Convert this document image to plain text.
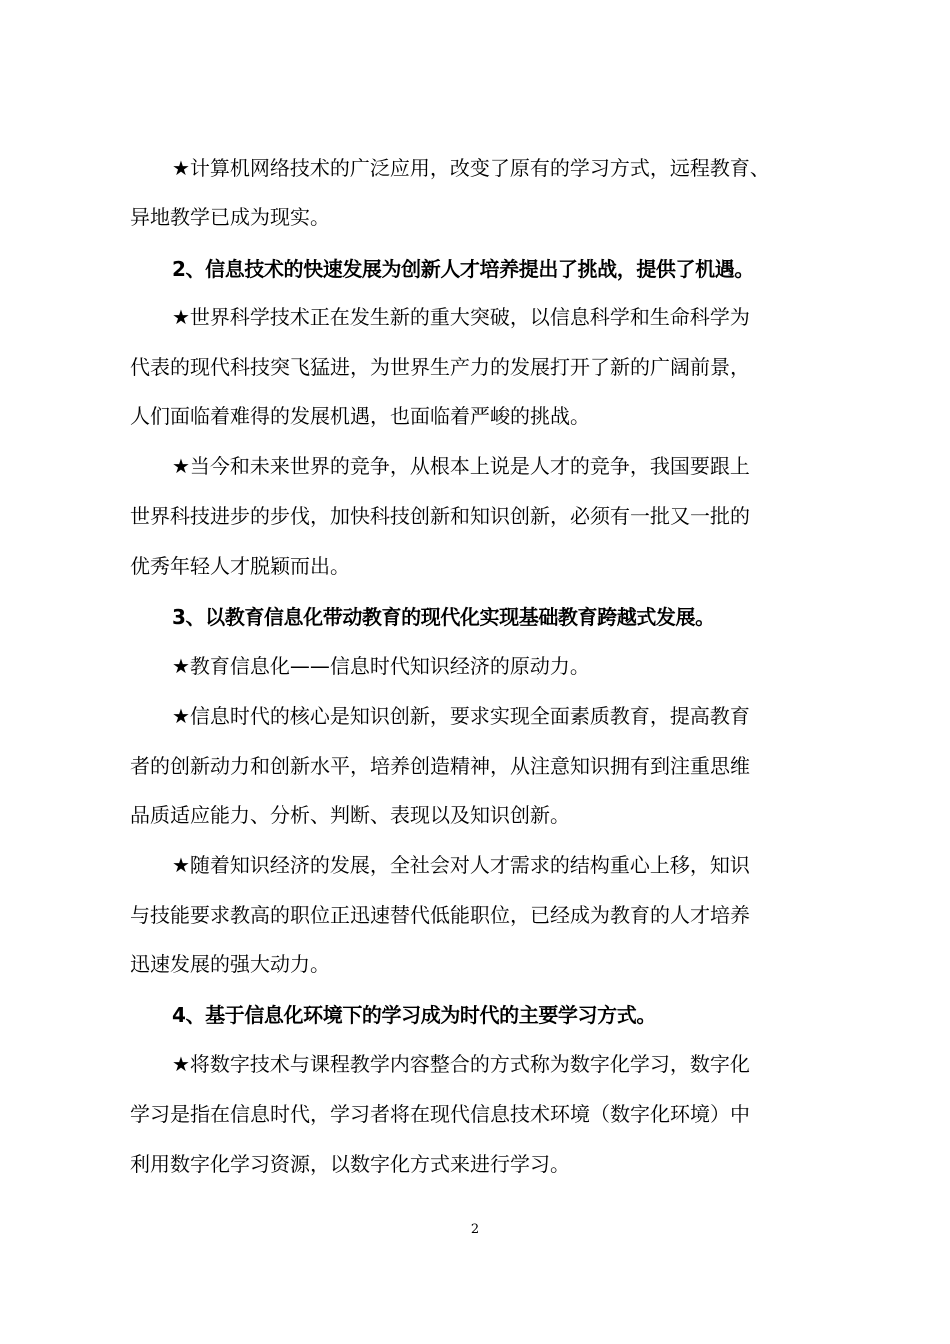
★计算机网络技术的广泛应用，改变了原有的学习方式，远程教育、

异地教学已成为现实。

2、信息技术的快速发展为创新人才培养提出了挑战，提供了机遇。

★世界科学技术正在发生新的重大突破，以信息科学和生命科学为

代表的现代科技突飞猛进，为世界生产力的发展打开了新的广阔前景，

人们面临着难得的发展机遇，也面临着严峻的挑战。

★当今和未来世界的竞争，从根本上说是人才的竞争，我国要跟上

世界科技进步的步伐，加快科技创新和知识创新，必须有一批又一批的

优秀年轻人才脱颖而出。

3、以教育信息化带动教育的现代化实现基础教育跨越式发展。

★教育信息化——信息时代知识经济的原动力。

★信息时代的核心是知识创新，要求实现全面素质教育，提高教育

者的创新动力和创新水平，培养创造精神，从注意知识拥有到注重思维

品质适应能力、分析、判断、表现以及知识创新。

★随着知识经济的发展，全社会对人才需求的结构重心上移，知识

与技能要求教高的职位正迅速替代低能职位，已经成为教育的人才培养

迅速发展的强大动力。

4、基于信息化环境下的学习成为时代的主要学习方式。

★将数字技术与课程教学内容整合的方式称为数字化学习，数字化

学习是指在信息时代，学习者将在现代信息技术环境（数字化环境）中

利用数字化学习资源，以数字化方式来进行学习。

2
